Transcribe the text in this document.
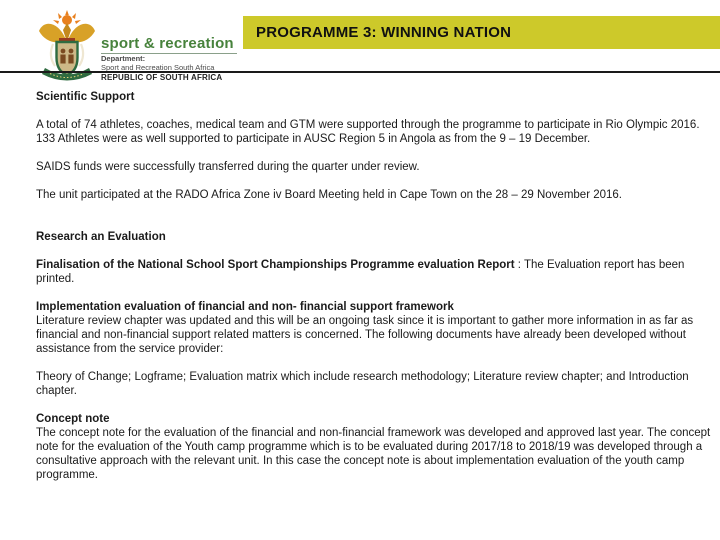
sport & recreation
Department:
Sport and Recreation South Africa
REPUBLIC OF SOUTH AFRICA
PROGRAMME 3: WINNING NATION
Scientific Support
A total of 74 athletes, coaches, medical team and GTM were supported through the programme to participate in Rio Olympic 2016. 133 Athletes were as well supported to participate in AUSC Region 5 in Angola as from the 9 – 19 December.
SAIDS funds were successfully transferred during the quarter under review.
The unit participated at the RADO Africa Zone iv Board Meeting held in Cape Town on the 28 – 29 November 2016.
Research an Evaluation
Finalisation of the National School Sport Championships Programme evaluation Report : The Evaluation report has been printed.
Implementation evaluation of financial and non- financial support framework
Literature review chapter was updated and this will be an ongoing task since it is important to gather more information in as far as financial and non-financial support related matters is concerned. The following documents have already been developed without assistance from the service provider:
Theory of Change; Logframe; Evaluation matrix which include research methodology; Literature review chapter; and Introduction chapter.
Concept note
The concept note for the evaluation of the financial and non-financial framework was developed and approved last year. The concept note for the evaluation of the Youth camp programme which is to be evaluated during 2017/18 to 2018/19 was developed through a consultative approach with the relevant unit. In this case the concept note is about implementation evaluation of the youth camp programme.
